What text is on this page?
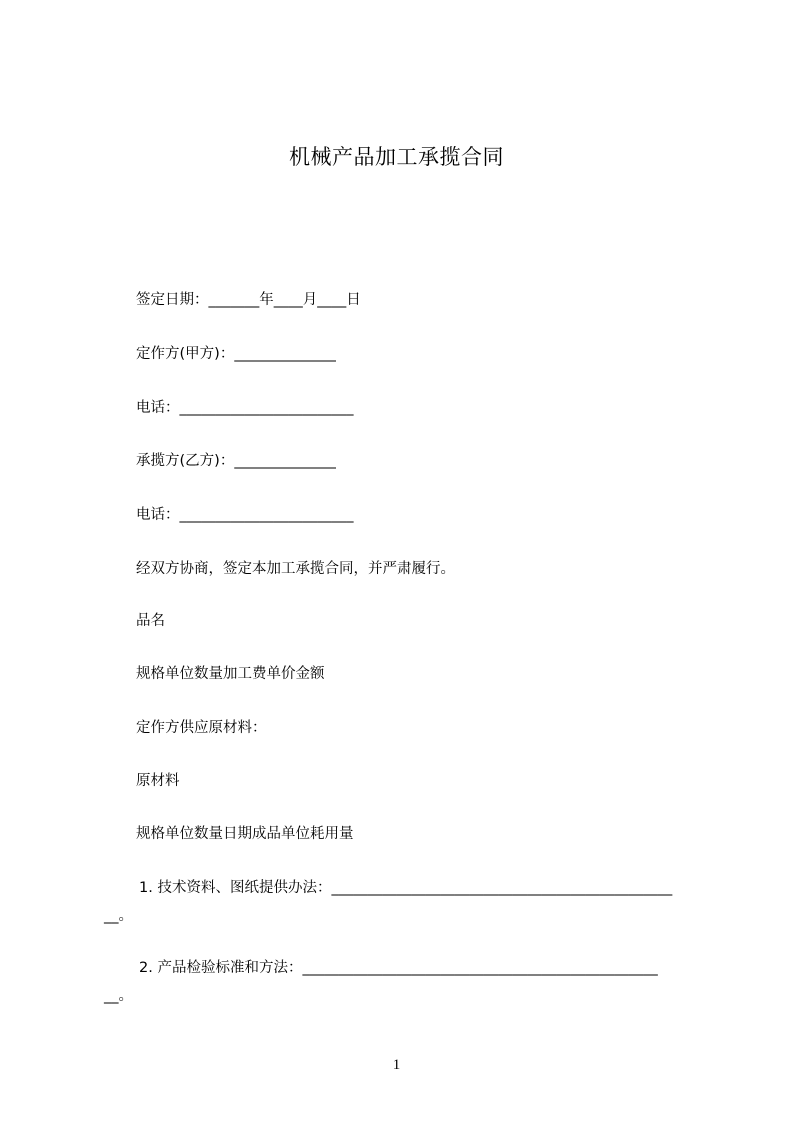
机械产品加工承揽合同
签定日期：_______年____月____日
定作方(甲方)：______________
电话：________________________
承揽方(乙方)：______________
电话：________________________
经双方协商，签定本加工承揽合同，并严肃履行。
品名
规格单位数量加工费单价金额
定作方供应原材料：
原材料
规格单位数量日期成品单位耗用量
1. 技术资料、图纸提供办法：_______________________________________________
__。
2. 产品检验标准和方法：_________________________________________________
__。
1
